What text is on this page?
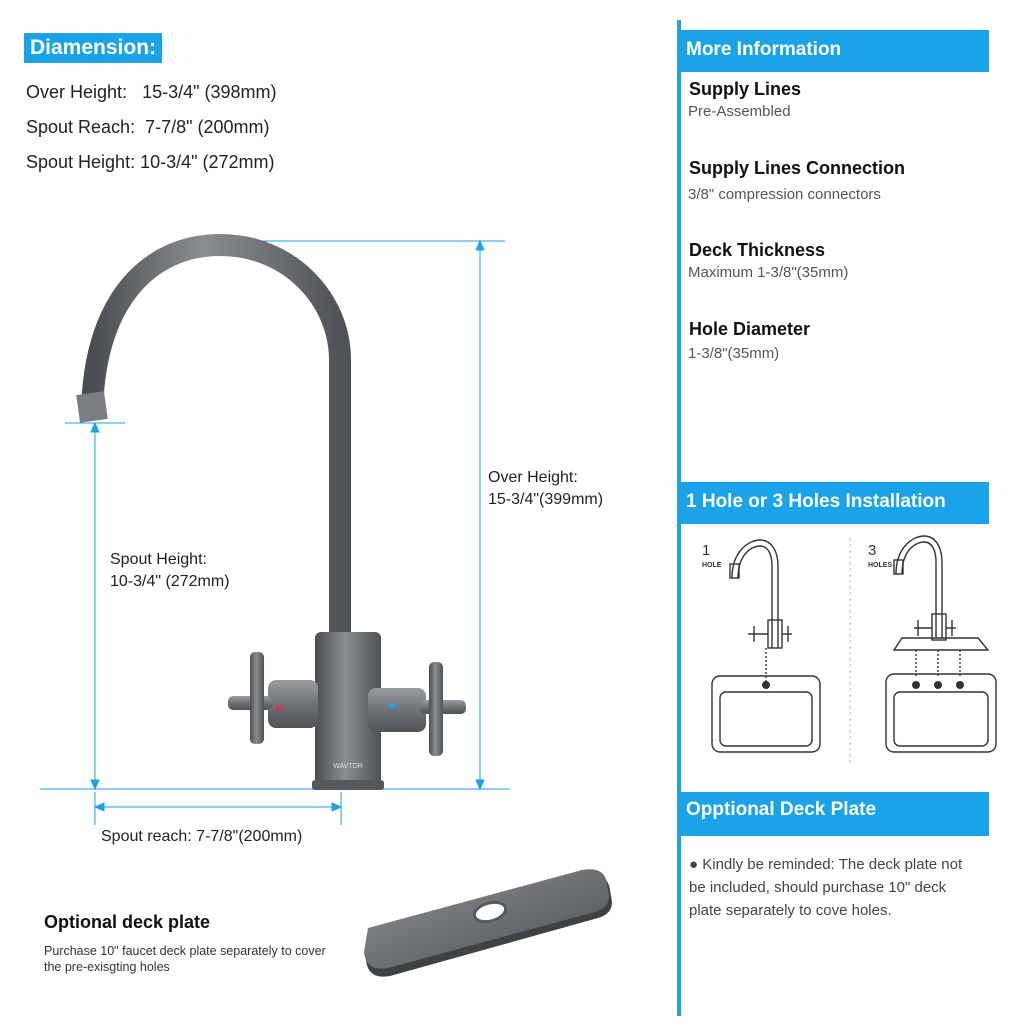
Diamension:
Over Height: 15-3/4" (398mm)
Spout Reach: 7-7/8" (200mm)
Spout Height: 10-3/4" (272mm)
WAVTOR
H
Over Height:
15-3/4"(399mm)
Spout Height:
10-3/4" (272mm)
Spout reach: 7-7/8"(200mm)
Optional deck plate
Purchase 10" faucet deck plate separately to cover the pre-exisgting holes
More Information
Supply Lines
Pre-Assembled
Supply Lines Connection
3/8" compression connectors
Deck Thickness
Maximum 1-3/8"(35mm)
Hole Diameter
1-3/8"(35mm)
1 Hole or 3 Holes Installation
1
HOLE
3
HOLES
Opptional Deck Plate
● Kindly be reminded: The deck plate not be included, should purchase 10" deck plate separately to cove holes.
